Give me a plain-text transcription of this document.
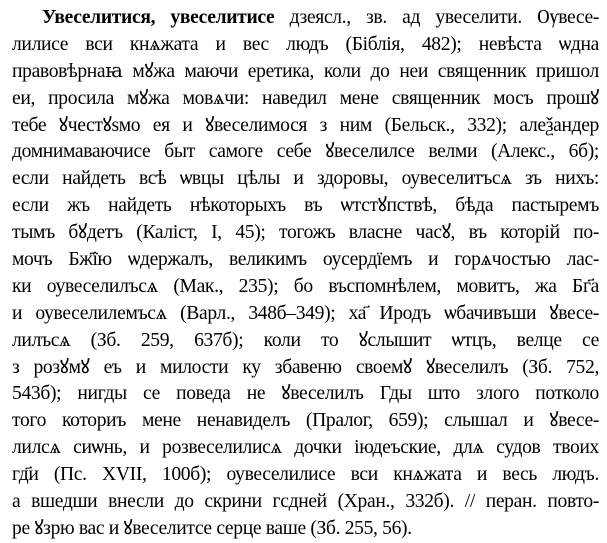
Увеселитися, увеселитисе дзеясл., зв. ад увеселити. Ѹвесе-
лилисе вси кнѧжата и вес людъ (Біблія, 482); невѣста ѡдна
правовѣрнаꙗ мꙋжа маючи еретика, коли до неи священник пришол
еи, просила мꙋжа мовѧчи: наведил мене священник мосъ прошꙋ
тебе ꙋчестꙋѕмо ея и ꙋвеселимося з ним (Бельск., 332); алеѯандер
домнимаваючисе быт самоге себе ꙋвеселилсе велми (Алекс., 6б);
если найдеть всѣ ѡвцы цѣлы и здоровы, оувеселитъсѧ зъ нихъ:
если жъ найдеть нѣкоторыхъ въ ѡтстꙋпствѣ, бѣда пастыремъ
тымъ бꙋдетъ (Каліст, І, 45); тогожъ власне часꙋ, въ которій по-
мочъ Бж҃їю ѡдержалъ, великимъ оусердїемъ и горѧчостью лас-
ки оувеселилъсѧ (Мак., 235); бо въспомнѣлем, мовитъ, жа Бг҃а
и оувеселилемъсѧ (Варл., 348б–349); ха҃ Иродъ ѡбачивъши ꙋвесе-
лилъсѧ (Зб. 259, 637б); коли то ꙋслышит ѡтцъ, велце се
з розꙋмꙋ еъ и милости ку збавеню своемꙋ ꙋвеселилъ (Зб. 752,
543б); нигды се поведа не ꙋвеселилъ Гды што злого потколо
того коториъ мене ненавиделъ (Пралог, 659); слышал и ꙋвесе-
лилсѧ сиѡнь, и розвеселилисѧ дочки іюдеъские, длѧ судов твоих
гд҃и (Пс. XVII, 100б); оувеселилисе вси кнѧжата и весь людъ.
а вшедши внесли до скрини гсдней (Хран., 332б). // перан. повто-
ре ꙋзрю вас и ꙋвеселитсе серце ваше (Зб. 255, 56).
